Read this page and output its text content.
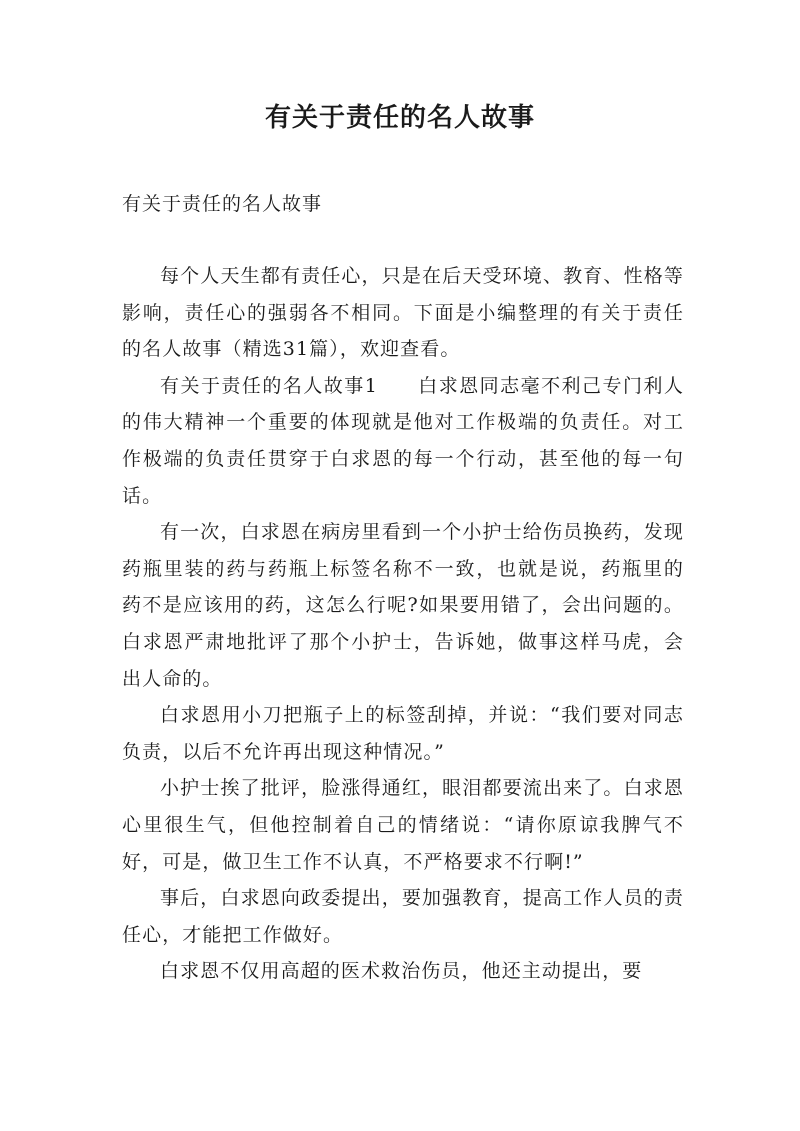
有关于责任的名人故事

有关于责任的名人故事

每个人天生都有责任心，只是在后天受环境、教育、性格等影响，责任心的强弱各不相同。下面是小编整理的有关于责任的名人故事（精选31篇），欢迎查看。

有关于责任的名人故事1 白求恩同志毫不利己专门利人的伟大精神一个重要的体现就是他对工作极端的负责任。对工作极端的负责任贯穿于白求恩的每一个行动，甚至他的每一句话。

有一次，白求恩在病房里看到一个小护士给伤员换药，发现药瓶里装的药与药瓶上标签名称不一致，也就是说，药瓶里的药不是应该用的药，这怎么行呢?如果要用错了，会出问题的。白求恩严肃地批评了那个小护士，告诉她，做事这样马虎，会出人命的。

白求恩用小刀把瓶子上的标签刮掉，并说：“我们要对同志负责，以后不允许再出现这种情况。”

小护士挨了批评，脸涨得通红，眼泪都要流出来了。白求恩心里很生气，但他控制着自己的情绪说：“请你原谅我脾气不好，可是，做卫生工作不认真，不严格要求不行啊!”

事后，白求恩向政委提出，要加强教育，提高工作人员的责任心，才能把工作做好。

白求恩不仅用高超的医术救治伤员，他还主动提出，要
